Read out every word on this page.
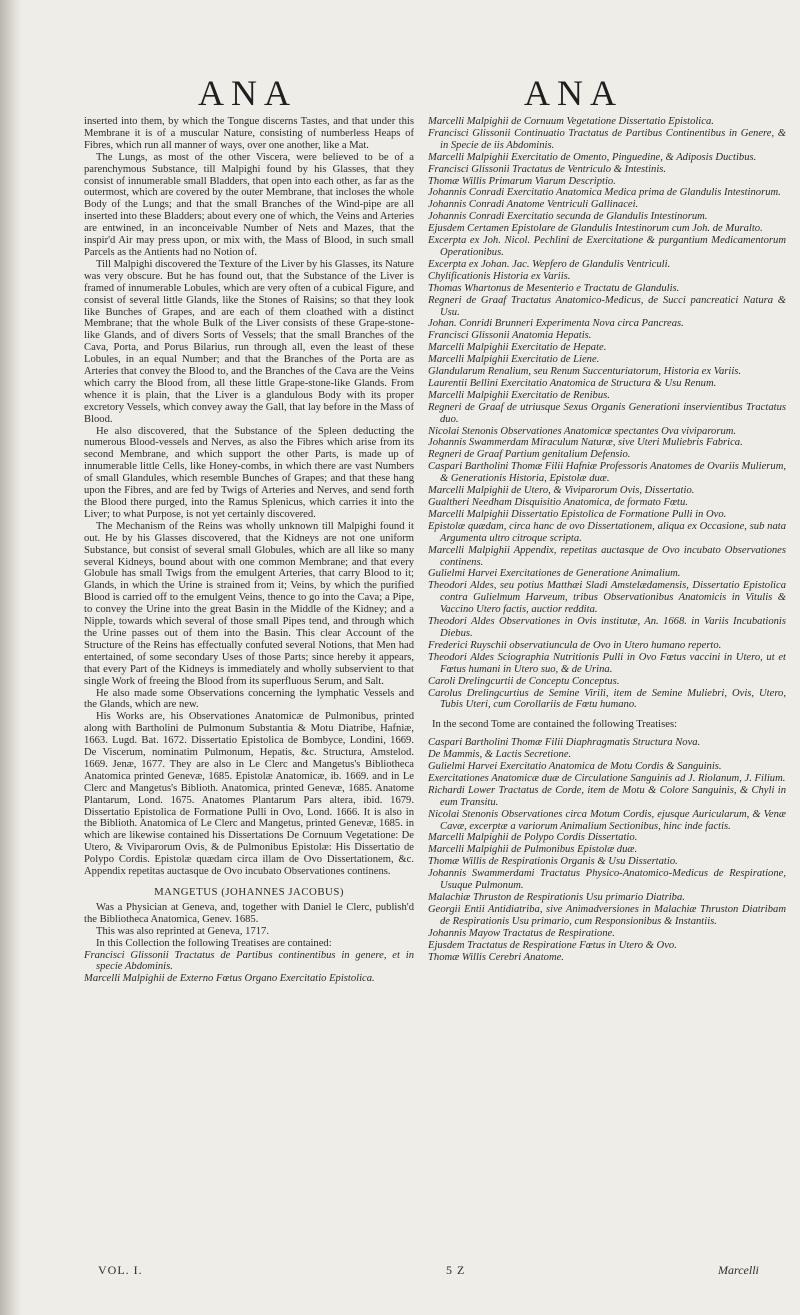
ANA	ANA

inserted into them, by which the Tongue discerns Tastes, and that under this Membrane it is of a muscular Nature, consisting of numberless Heaps of Fibres, which run all manner of ways, over one another, like a Mat.

The Lungs, as most of the other Viscera, were believed to be of a parenchymous Substance, till Malpighi found by his Glasses, that they consist of innumerable small Bladders, that open into each other, as far as the outermost, which are covered by the outer Membrane, that incloses the whole Body of the Lungs; and that the small Branches of the Wind-pipe are all inserted into these Bladders; about every one of which, the Veins and Arteries are entwined, in an inconceivable Number of Nets and Mazes, that the inspir'd Air may press upon, or mix with, the Mass of Blood, in such small Parcels as the Antients had no Notion of.

Till Malpighi discovered the Texture of the Liver by his Glasses, its Nature was very obscure. But he has found out, that the Substance of the Liver is framed of innumerable Lobules, which are very often of a cubical Figure, and consist of several little Glands, like the Stones of Raisins; so that they look like Bunches of Grapes, and are each of them cloathed with a distinct Membrane; that the whole Bulk of the Liver consists of these Grape-stone-like Glands, and of divers Sorts of Vessels; that the small Branches of the Cava, Porta, and Porus Bilarius, run through all, even the least of these Lobules, in an equal Number; and that the Branches of the Porta are as Arteries that convey the Blood to, and the Branches of the Cava are the Veins which carry the Blood from, all these little Grape-stone-like Glands. From whence it is plain, that the Liver is a glandulous Body with its proper excretory Vessels, which convey away the Gall, that lay before in the Mass of Blood.

He also discovered, that the Substance of the Spleen deducting the numerous Blood-vessels and Nerves, as also the Fibres which arise from its second Membrane, and which support the other Parts, is made up of innumerable little Cells, like Honey-combs, in which there are vast Numbers of small Glandules, which resemble Bunches of Grapes; and that these hang upon the Fibres, and are fed by Twigs of Arteries and Nerves, and send forth the Blood there purged, into the Ramus Splenicus, which carries it into the Liver; to what Purpose, is not yet certainly discovered.

The Mechanism of the Reins was wholly unknown till Malpighi found it out. He by his Glasses discovered, that the Kidneys are not one uniform Substance, but consist of several small Globules, which are all like so many several Kidneys, bound about with one common Membrane; and that every Globule has small Twigs from the emulgent Arteries, that carry Blood to it; Glands, in which the Urine is strained from it; Veins, by which the purified Blood is carried off to the emulgent Veins, thence to go into the Cava; a Pipe, to convey the Urine into the great Basin in the Middle of the Kidney; and a Nipple, towards which several of those small Pipes tend, and through which the Urine passes out of them into the Basin. This clear Account of the Structure of the Reins has effectually confuted several Notions, that Men had entertained, of some secondary Uses of those Parts; since hereby it appears, that every Part of the Kidneys is immediately and wholly subservient to that single Work of freeing the Blood from its superfluous Serum, and Salt.

He also made some Observations concerning the lymphatic Vessels and the Glands, which are new.

His Works are, his Observationes Anatomicæ de Pulmonibus, printed along with Bartholini de Pulmonum Substantia & Motu Diatribe, Hafniæ, 1663. Lugd. Bat. 1672. Dissertatio Epistolica de Bombyce, Londini, 1669. De Viscerum, nominatim Pulmonum, Hepatis, &c. Structura, Amstelod. 1669. Jenæ, 1677. They are also in Le Clerc and Mangetus's Bibliotheca Anatomica printed Genevæ, 1685. Epistolæ Anatomicæ, ib. 1669. and in Le Clerc and Mangetus's Biblioth. Anatomica, printed Genevæ, 1685. Anatome Plantarum, Lond. 1675. Anatomes Plantarum Pars altera, ibid. 1679. Dissertatio Epistolica de Formatione Pulli in Ovo, Lond. 1666. It is also in the Biblioth. Anatomica of Le Clerc and Mangetus, printed Genevæ, 1685. in which are likewise contained his Dissertations De Cornuum Vegetatione: De Utero, & Viviparorum Ovis, & de Pulmonibus Epistolæ: His Dissertatio de Polypo Cordis. Epistolæ quædam circa illam de Ovo Dissertationem, &c. Appendix repetitas auctasque de Ovo incubato Observationes continens.

MANGETUS (JOHANNES JACOBUS)

Was a Physician at Geneva, and, together with Daniel le Clerc, publish'd the Bibliotheca Anatomica, Genev. 1685.

This was also reprinted at Geneva, 1717.

In this Collection the following Treatises are contained:

Francisci Glissonii Tractatus de Partibus continentibus in genere, et in specie Abdominis.
Marcelli Malpighii de Externo Fœtus Organo Exercitatio Epistolica.
Marcelli Malpighii de Cornuum Vegetatione Dissertatio Epistolica.
Francisci Glissonii Continuatio Tractatus de Partibus Continentibus in Genere, & in Specie de iis Abdominis.
Marcelli Malpighii Exercitatio de Omento, Pinguedine, & Adiposis Ductibus.
Francisci Glissonii Tractatus de Ventriculo & Intestinis.
Thomæ Willis Primarum Viarum Descriptio.
Johannis Conradi Exercitatio Anatomica Medica prima de Glandulis Intestinorum.
Johannis Conradi Anatome Ventriculi Gallinacei.
Johannis Conradi Exercitatio secunda de Glandulis Intestinorum.
Ejusdem Certamen Epistolare de Glandulis Intestinorum cum Joh. de Muralto.
Excerpta ex Joh. Nicol. Pechlini de Exercitatione & purgantium Medicamentorum Operationibus.
Excerpta ex Johan. Jac. Wepfero de Glandulis Ventriculi.
Chylificationis Historia ex Variis.
Thomas Whartonus de Mesenterio e Tractatu de Glandulis.
Regneri de Graaf Tractatus Anatomico-Medicus, de Succi pancreatici Natura & Usu.
Johan. Conridi Brunneri Experimenta Nova circa Pancreas.
Francisci Glissonii Anatomia Hepatis.
Marcelli Malpighii Exercitatio de Hepate.
Marcelli Malpighii Exercitatio de Liene.
Glandularum Renalium, seu Renum Succenturiatorum, Historia ex Variis.
Laurentii Bellini Exercitatio Anatomica de Structura & Usu Renum.
Marcelli Malpighii Exercitatio de Renibus.
Regneri de Graaf de utriusque Sexus Organis Generationi inservientibus Tractatus duo.
Nicolai Stenonis Observationes Anatomicæ spectantes Ova viviparorum.
Johannis Swammerdam Miraculum Naturæ, sive Uteri Muliebris Fabrica.
Regneri de Graaf Partium genitalium Defensio.
Caspari Bartholini Thomæ Filii Hafniæ Professoris Anatomes de Ovariis Mulierum, & Generationis Historia, Epistolæ duæ.
Marcelli Malpighii de Utero, & Viviparorum Ovis, Dissertatio.
Gualtheri Needham Disquisitio Anatomica, de formato Fœtu.
Marcelli Malpighii Dissertatio Epistolica de Formatione Pulli in Ovo.
Epistolæ quædam, circa hanc de ovo Dissertationem, aliqua ex Occasione, sub nata Argumenta ultro citroque scripta.
Marcelli Malpighii Appendix, repetitas auctasque de Ovo incubato Observationes continens.
Gulielmi Harvei Exercitationes de Generatione Animalium.
Theodori Aldes, seu potius Matthæi Sladi Amstelædamensis, Dissertatio Epistolica contra Gulielmum Harveum, tribus Observationibus Anatomicis in Vitulis & Vaccino Utero factis, auctior reddita.
Theodori Aldes Observationes in Ovis institutæ, An. 1668. in Variis Incubationis Diebus.
Frederici Ruyschii observatiuncula de Ovo in Utero humano reperto.
Theodori Aldes Sciographia Nutritionis Pulli in Ovo Fœtus vaccini in Utero, ut et Fœtus humani in Utero suo, & de Urina.
Caroli Drelingcurtii de Conceptu Conceptus.
Carolus Drelingcurtius de Semine Virili, item de Semine Muliebri, Ovis, Utero, Tubis Uteri, cum Corollariis de Fœtu humano.
In the second Tome are contained the following Treatises:
Caspari Bartholini Thomæ Filii Diaphragmatis Structura Nova.
De Mammis, & Lactis Secretione.
Gulielmi Harvei Exercitatio Anatomica de Motu Cordis & Sanguinis.
Exercitationes Anatomicæ duæ de Circulatione Sanguinis ad J. Riolanum, J. Filium.
Richardi Lower Tractatus de Corde, item de Motu & Colore Sanguinis, & Chyli in eum Transitu.
Nicolai Stenonis Observationes circa Motum Cordis, ejusque Auricularum, & Venæ Cavæ, excerptæ a variorum Animalium Sectionibus, hinc inde factis.
Marcelli Malpighii de Polypo Cordis Dissertatio.
Marcelli Malpighii de Pulmonibus Epistolæ duæ.
Thomæ Willis de Respirationis Organis & Usu Dissertatio.
Johannis Swammerdami Tractatus Physico-Anatomico-Medicus de Respiratione, Usuque Pulmonum.
Malachiæ Thruston de Respirationis Usu primario Diatriba.
Georgii Entii Antidiatriba, sive Animadversiones in Malachiæ Thruston Diatribam de Respirationis Usu primario, cum Responsionibus & Instantiis.
Johannis Mayow Tractatus de Respiratione.
Ejusdem Tractatus de Respiratione Fœtus in Utero & Ovo.
Thomæ Willis Cerebri Anatome.
VOL. I.	5 Z	Marcelli
